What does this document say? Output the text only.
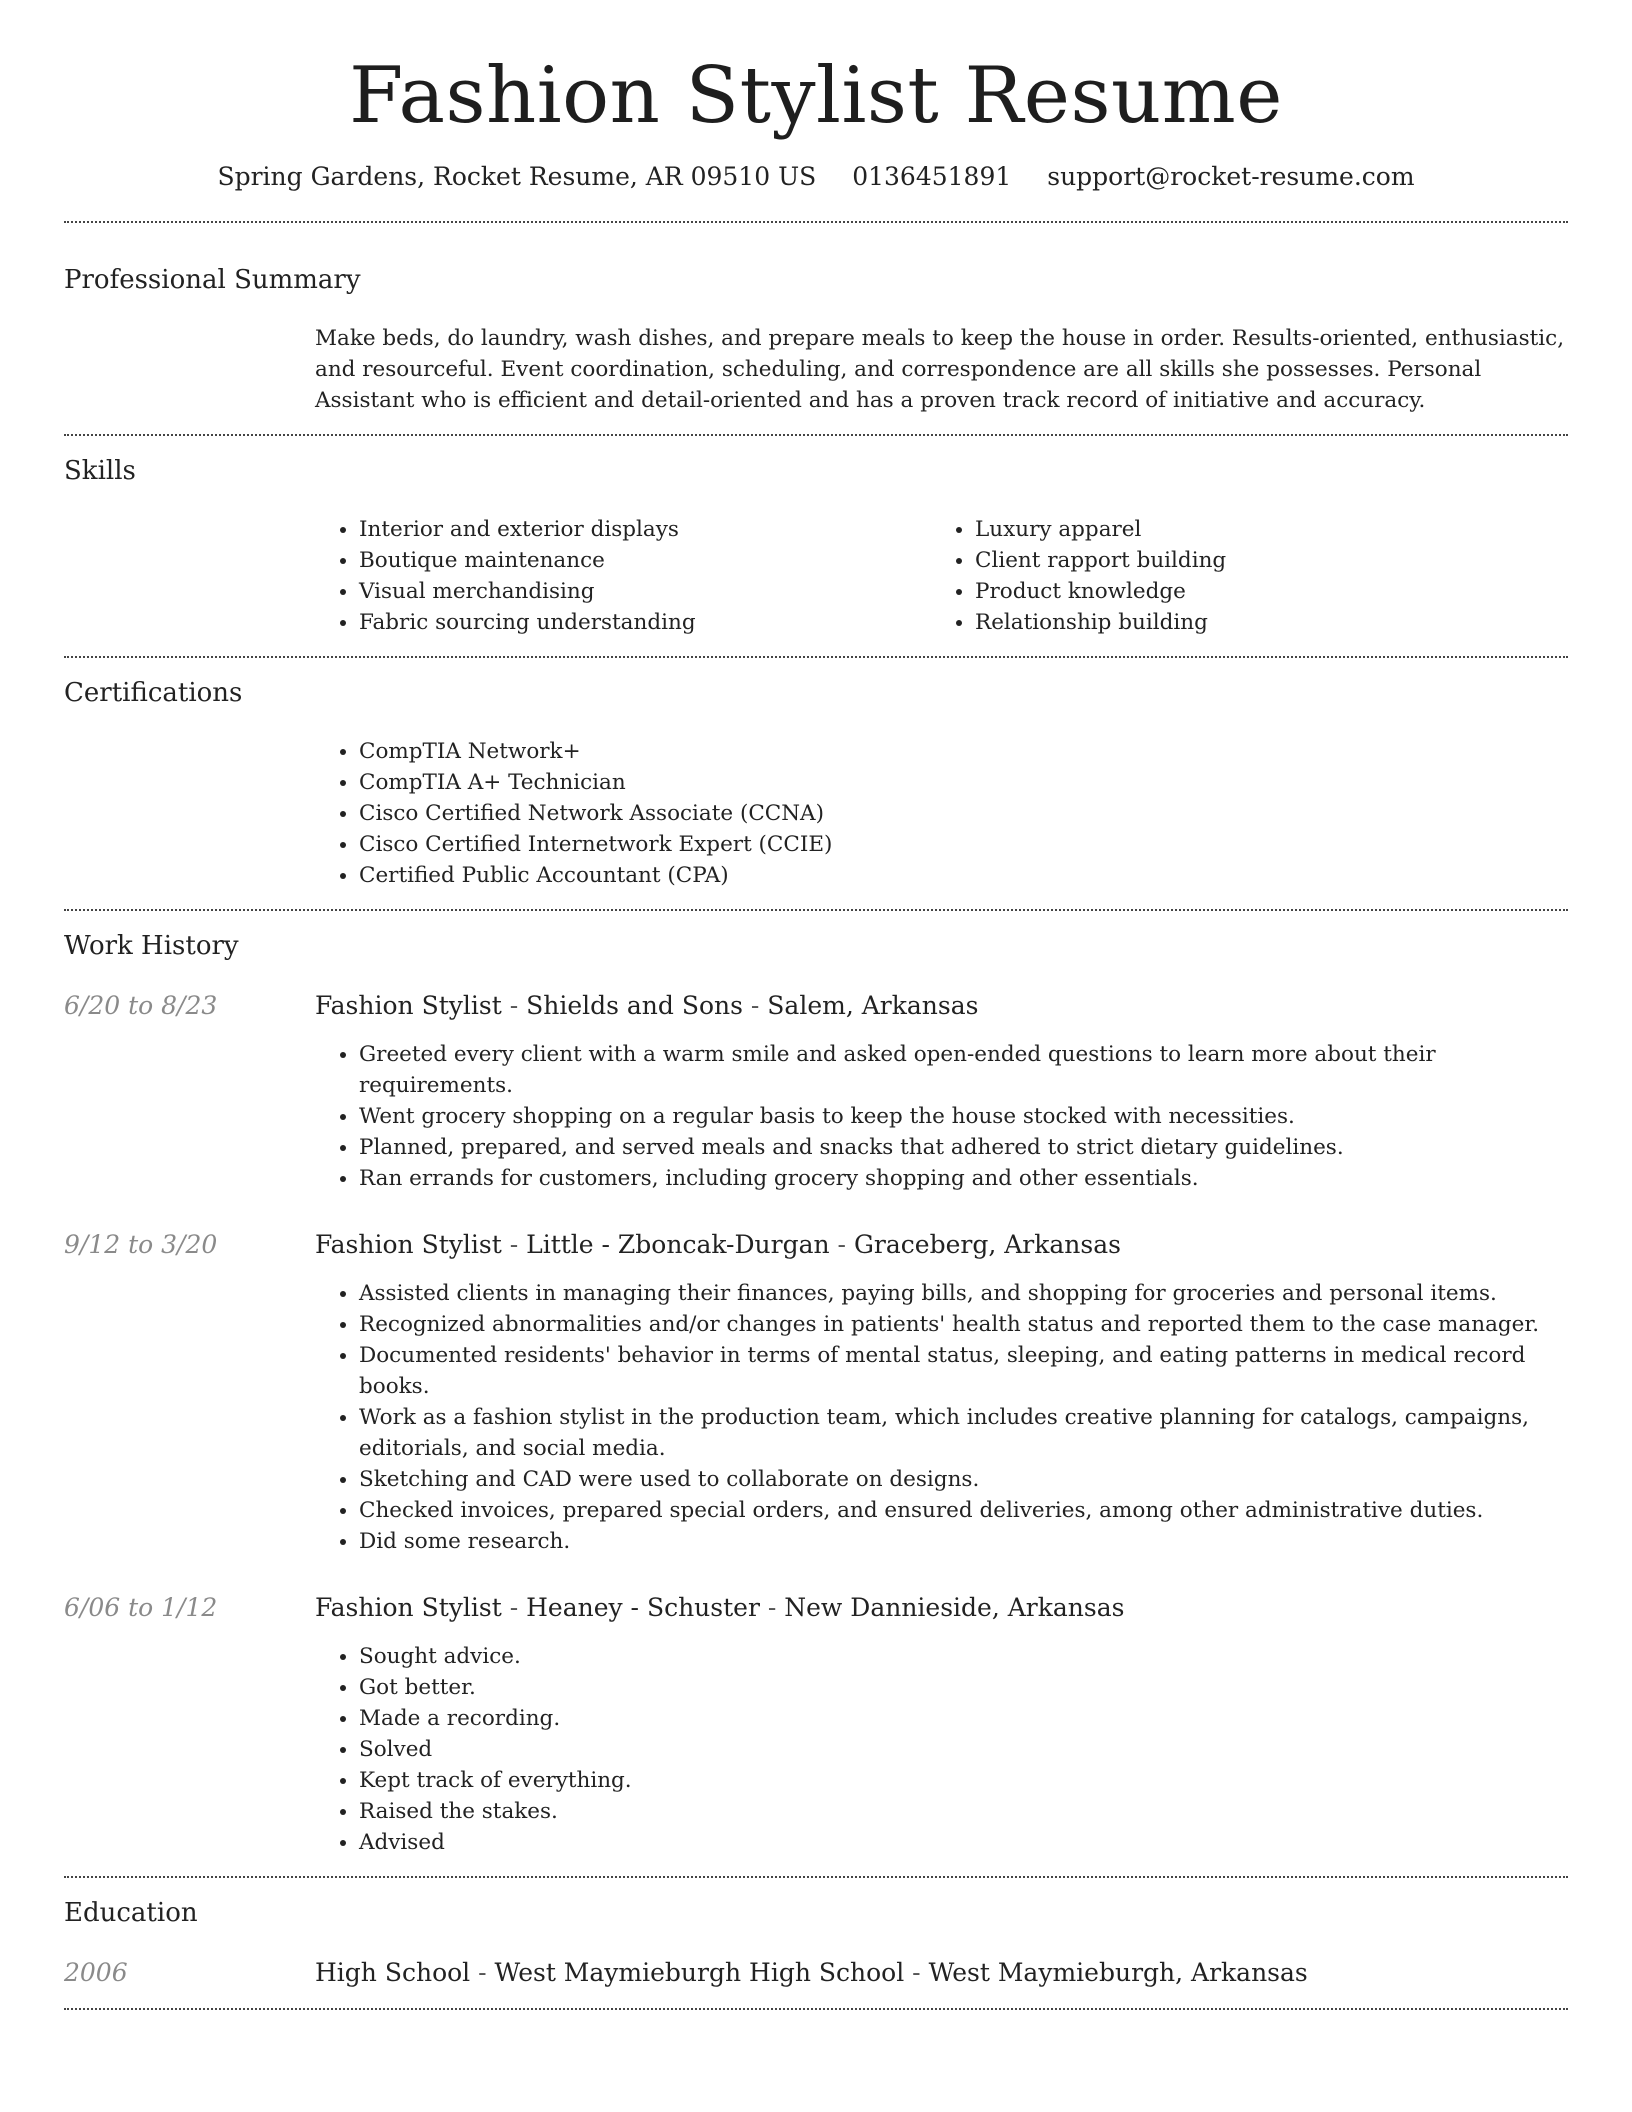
Fashion Stylist Resume
Spring Gardens, Rocket Resume, AR 09510 US 0136451891 support@rocket-resume.com
Professional Summary

Make beds, do laundry, wash dishes, and prepare meals to keep the house in order. Results-oriented, enthusiastic, and resourceful. Event coordination, scheduling, and correspondence are all skills she possesses. Personal Assistant who is efficient and detail-oriented and has a proven track record of initiative and accuracy.

Skills
• Interior and exterior displays
• Boutique maintenance
• Visual merchandising
• Fabric sourcing understanding
• Luxury apparel
• Client rapport building
• Product knowledge
• Relationship building
Certifications
• CompTIA Network+
• CompTIA A+ Technician
• Cisco Certified Network Associate (CCNA)
• Cisco Certified Internetwork Expert (CCIE)
• Certified Public Accountant (CPA)
Work History
6/20 to 8/23	Fashion Stylist - Shields and Sons - Salem, Arkansas
• Greeted every client with a warm smile and asked open-ended questions to learn more about their requirements.
• Went grocery shopping on a regular basis to keep the house stocked with necessities.
• Planned, prepared, and served meals and snacks that adhered to strict dietary guidelines.
• Ran errands for customers, including grocery shopping and other essentials.
9/12 to 3/20	Fashion Stylist - Little - Zboncak-Durgan - Graceberg, Arkansas
• Assisted clients in managing their finances, paying bills, and shopping for groceries and personal items.
• Recognized abnormalities and/or changes in patients' health status and reported them to the case manager.
• Documented residents' behavior in terms of mental status, sleeping, and eating patterns in medical record books.
• Work as a fashion stylist in the production team, which includes creative planning for catalogs, campaigns, editorials, and social media.
• Sketching and CAD were used to collaborate on designs.
• Checked invoices, prepared special orders, and ensured deliveries, among other administrative duties.
• Did some research.
6/06 to 1/12	Fashion Stylist - Heaney - Schuster - New Dannieside, Arkansas
• Sought advice.
• Got better.
• Made a recording.
• Solved
• Kept track of everything.
• Raised the stakes.
• Advised
Education
2006	High School - West Maymieburgh High School - West Maymieburgh, Arkansas
